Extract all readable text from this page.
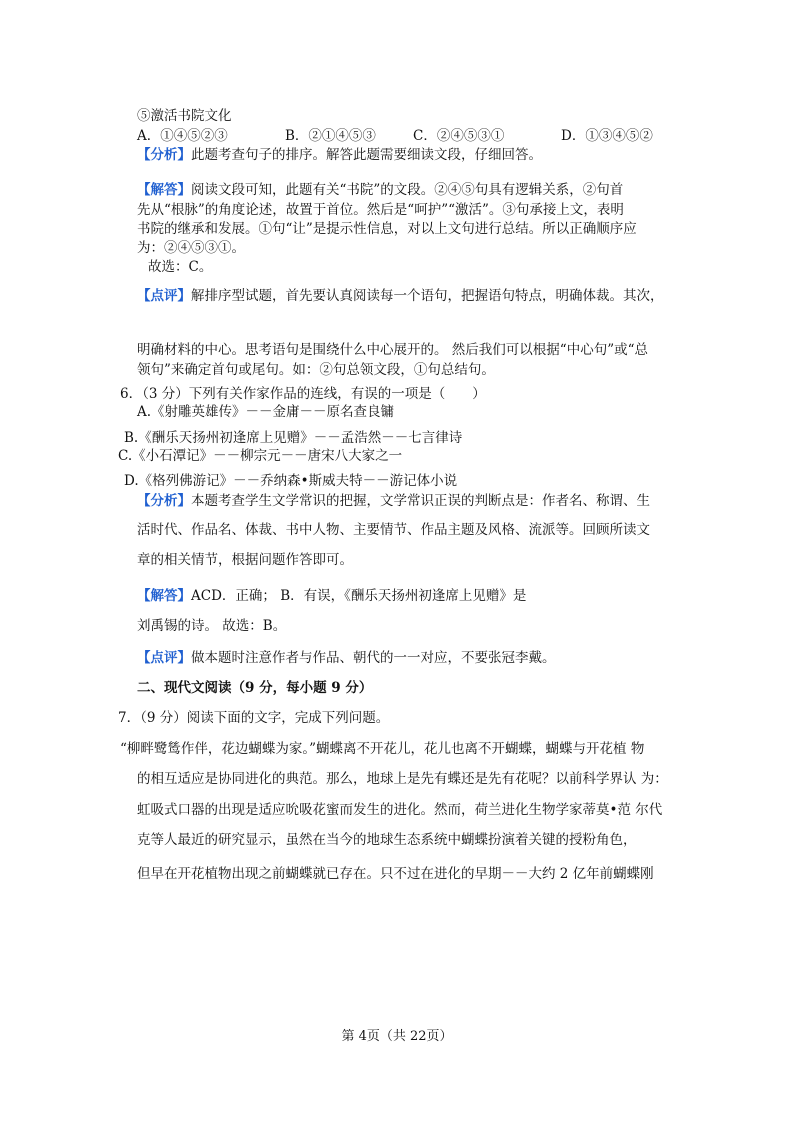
⑤激活书院文化
A．①④⑤②③	B．②①④⑤③	C．②④⑤③①	D．①③④⑤②
【分析】此题考查句子的排序。解答此题需要细读文段，仔细回答。
【解答】阅读文段可知，此题有关“书院”的文段。②④⑤句具有逻辑关系，②句首
先从“根脉”的角度论述，故置于首位。然后是“呵护”“激活”。③句承接上文，表明
书院的继承和发展。①句“让”是提示性信息，对以上文句进行总结。所以正确顺序应
为：②④⑤③①。
故选：C。
【点评】解排序型试题，首先要认真阅读每一个语句，把握语句特点，明确体裁。其次，
明确材料的中心。思考语句是围绕什么中心展开的。 然后我们可以根据“中心句”或“总
领句”来确定首句或尾句。如：②句总领文段，①句总结句。
6．（3 分）下列有关作家作品的连线，有误的一项是（　　）
A.《射雕英雄传》－－金庸－－原名查良镛
B.《酬乐天扬州初逢席上见赠》－－孟浩然－－七言律诗
C.《小石潭记》－－柳宗元－－唐宋八大家之一
D.《格列佛游记》－－乔纳森•斯威夫特－－游记体小说
【分析】本题考查学生文学常识的把握，文学常识正误的判断点是：作者名、称谓、生
活时代、作品名、体裁、书中人物、主要情节、作品主题及风格、流派等。回顾所读文
章的相关情节，根据问题作答即可。
【解答】ACD．正确； B．有误，《酬乐天扬州初逢席上见赠》是
刘禹锡的诗。 故选：B。
【点评】做本题时注意作者与作品、朝代的一一对应，不要张冠李戴。
二、现代文阅读（9 分，每小题 9 分）
7．（9 分）阅读下面的文字，完成下列问题。
“柳畔鹭鸶作伴，花边蝴蝶为家。”蝴蝶离不开花儿，花儿也离不开蝴蝶，蝴蝶与开花植 物
的相互适应是协同进化的典范。那么，地球上是先有蝶还是先有花呢？以前科学界认 为：
虹吸式口器的出现是适应吮吸花蜜而发生的进化。然而，荷兰进化生物学家蒂莫•范 尔代
克等人最近的研究显示，虽然在当今的地球生态系统中蝴蝶扮演着关键的授粉角色，
但早在开花植物出现之前蝴蝶就已存在。只不过在进化的早期－－大约 2 亿年前蝴蝶刚
第 4页（共 22页）
